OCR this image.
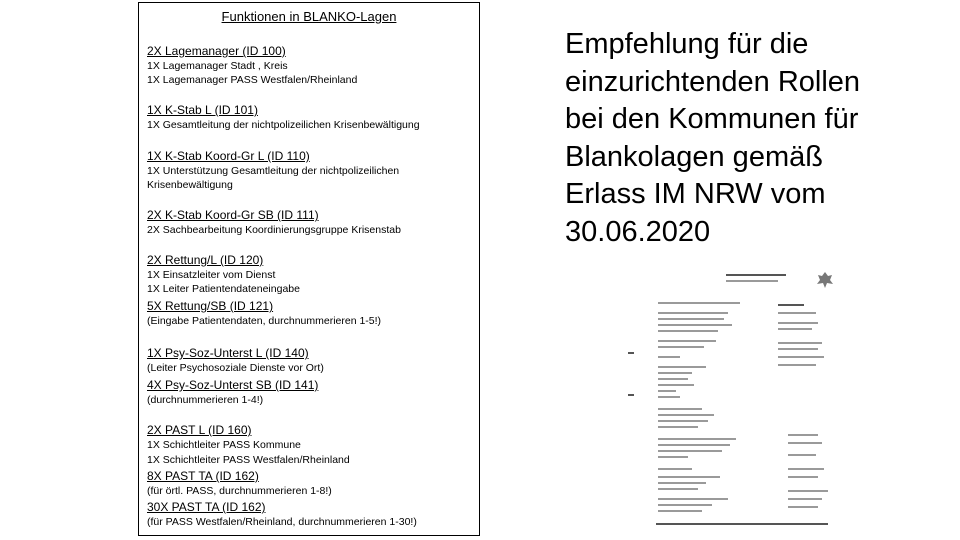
Funktionen in BLANKO-Lagen
2X Lagemanager (ID 100)
1X Lagemanager Stadt , Kreis
1X Lagemanager PASS Westfalen/Rheinland
1X K-Stab L (ID 101)
1X Gesamtleitung der nichtpolizeilichen Krisenbewältigung
1X K-Stab Koord-Gr L (ID 110)
1X Unterstützung Gesamtleitung der nichtpolizeilichen
Krisenbewältigung
2X K-Stab Koord-Gr SB (ID 111)
2X Sachbearbeitung Koordinierungsgruppe Krisenstab
2X Rettung/L (ID 120)
1X Einsatzleiter vom Dienst
1X Leiter Patientendateneingabe
5X Rettung/SB (ID 121)
(Eingabe Patientendaten, durchnummerieren 1-5!)
1X Psy-Soz-Unterst L (ID 140)
(Leiter Psychosoziale Dienste vor Ort)
4X Psy-Soz-Unterst SB (ID 141)
(durchnummerieren 1-4!)
2X PAST L (ID 160)
1X Schichtleiter PASS Kommune
1X Schichtleiter PASS Westfalen/Rheinland
8X PAST TA (ID 162)
(für örtl. PASS, durchnummerieren 1-8!)
30X PAST TA (ID 162)
(für PASS Westfalen/Rheinland, durchnummerieren 1-30!)
Empfehlung für die
einzurichtenden Rollen
bei den Kommunen für
Blankolagen gemäß
Erlass IM NRW vom
30.06.2020
